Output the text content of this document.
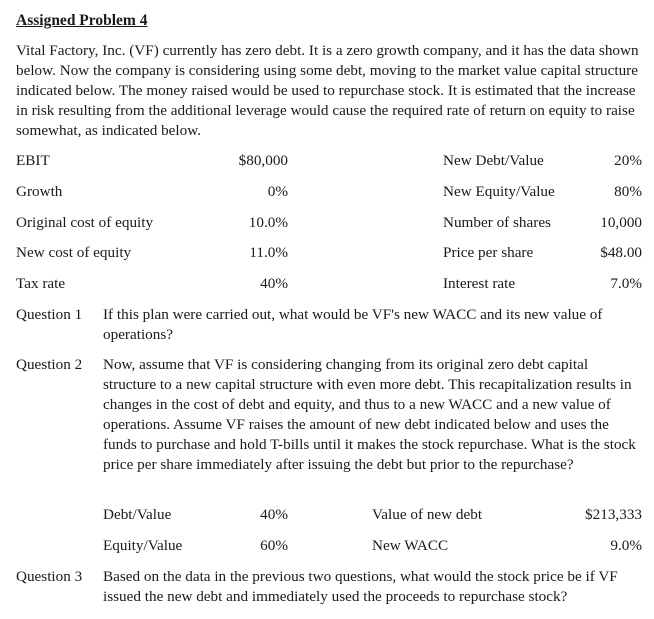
Assigned Problem 4
Vital Factory, Inc. (VF) currently has zero debt. It is a zero growth company, and it has the data shown below. Now the company is considering using some debt, moving to the market value capital structure indicated below. The money raised would be used to repurchase stock. It is estimated that the increase in risk resulting from the additional leverage would cause the required rate of return on equity to raise somewhat, as indicated below.
EBIT	$80,000	New Debt/Value	20%
Growth	0%	New Equity/Value	80%
Original cost of equity	10.0%	Number of shares	10,000
New cost of equity	11.0%	Price per share	$48.00
Tax rate	40%	Interest rate	7.0%
Question 1 If this plan were carried out, what would be VF's new WACC and its new value of operations?
Question 2 Now, assume that VF is considering changing from its original zero debt capital structure to a new capital structure with even more debt. This recapitalization results in changes in the cost of debt and equity, and thus to a new WACC and a new value of operations. Assume VF raises the amount of new debt indicated below and uses the funds to purchase and hold T-bills until it makes the stock repurchase. What is the stock price per share immediately after issuing the debt but prior to the repurchase?
Debt/Value	40%	Value of new debt	$213,333
Equity/Value	60%	New WACC	9.0%
Question 3 Based on the data in the previous two questions, what would the stock price be if VF issued the new debt and immediately used the proceeds to repurchase stock?
